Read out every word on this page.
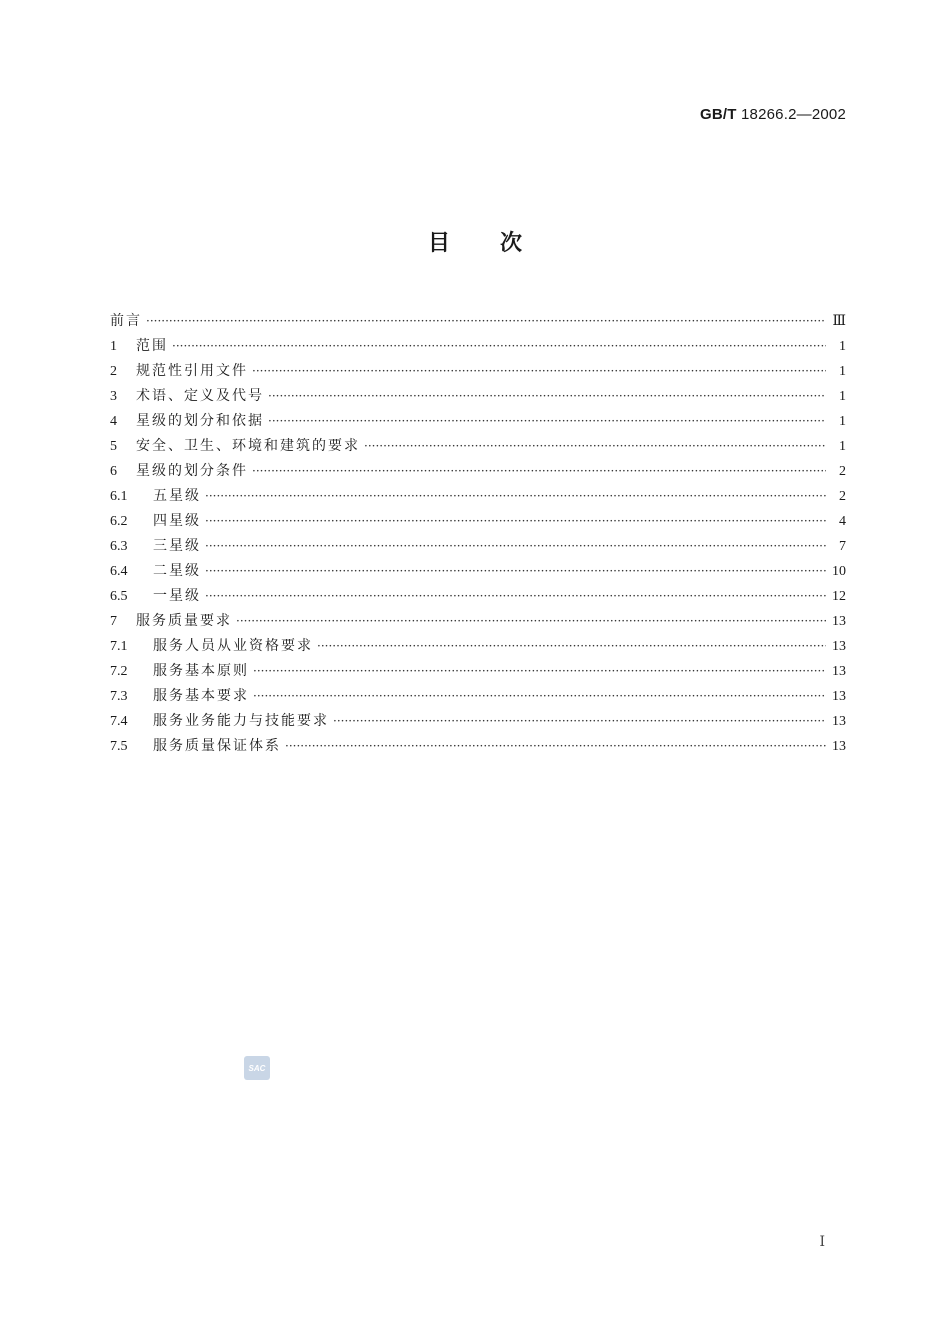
GB/T 18266.2—2002
目次
前言 ·····	Ⅲ
1	范围 ·····	1
2	规范性引用文件 ·····	1
3	术语、定义及代号 ·····	1
4	星级的划分和依据 ·····	1
5	安全、卫生、环境和建筑的要求 ·····	1
6	星级的划分条件 ·····	2
6.1	五星级 ·····	2
6.2	四星级 ·····	4
6.3	三星级 ·····	7
6.4	二星级 ·····	10
6.5	一星级 ·····	12
7	服务质量要求 ·····	13
7.1	服务人员从业资格要求 ·····	13
7.2	服务基本原则 ·····	13
7.3	服务基本要求 ·····	13
7.4	服务业务能力与技能要求 ·····	13
7.5	服务质量保证体系 ·····	13
SAC
Ⅰ
